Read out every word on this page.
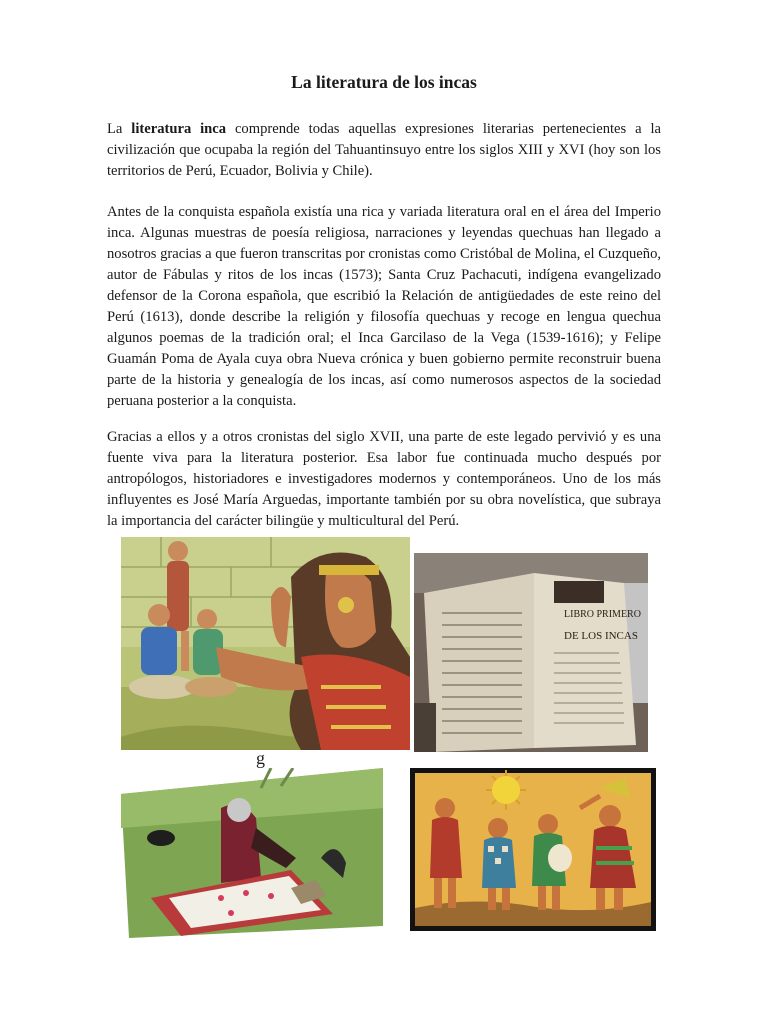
La literatura de los incas

La literatura inca comprende todas aquellas expresiones literarias pertenecientes a la civilización que ocupaba la región del Tahuantinsuyo entre los siglos XIII y XVI (hoy son los territorios de Perú, Ecuador, Bolivia y Chile).

Antes de la conquista española existía una rica y variada literatura oral en el área del Imperio inca. Algunas muestras de poesía religiosa, narraciones y leyendas quechuas han llegado a nosotros gracias a que fueron transcritas por cronistas como Cristóbal de Molina, el Cuzqueño, autor de Fábulas y ritos de los incas (1573); Santa Cruz Pachacuti, indígena evangelizado defensor de la Corona española, que escribió la Relación de antigüedades de este reino del Perú (1613), donde describe la religión y filosofía quechuas y recoge en lengua quechua algunos poemas de la tradición oral; el Inca Garcilaso de la Vega (1539-1616); y Felipe Guamán Poma de Ayala cuya obra Nueva crónica y buen gobierno permite reconstruir buena parte de la historia y genealogía de los incas, así como numerosos aspectos de la sociedad peruana posterior a la conquista.

Gracias a ellos y a otros cronistas del siglo XVII, una parte de este legado pervivió y es una fuente viva para la literatura posterior. Esa labor fue continuada mucho después por antropólogos, historiadores e investigadores modernos y contemporáneos. Uno de los más influyentes es José María Arguedas, importante también por su obra novelística, que subraya la importancia del carácter bilingüe y multicultural del Perú.

LIBRO PRIMERO
DE LOS INCAS
g
